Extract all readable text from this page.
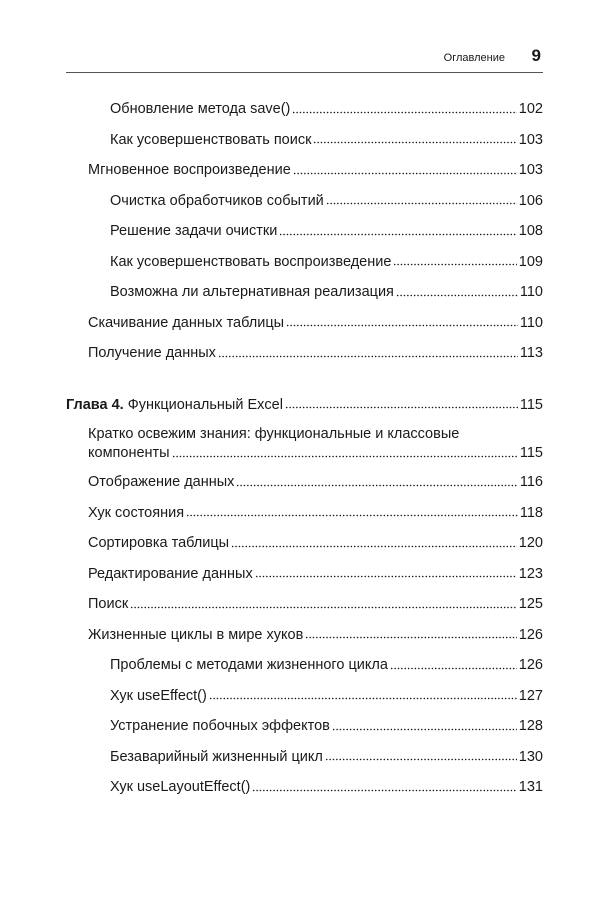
Оглавление 9
Обновление метода save()	102
Как усовершенствовать поиск	103
Мгновенное воспроизведение	103
Очистка обработчиков событий	106
Решение задачи очистки	108
Как усовершенствовать воспроизведение	109
Возможна ли альтернативная реализация	110
Скачивание данных таблицы	110
Получение данных	113
Глава 4. Функциональный Excel	115
Кратко освежим знания: функциональные и классовые
компоненты	115
Отображение данных	116
Хук состояния	118
Сортировка таблицы	120
Редактирование данных	123
Поиск	125
Жизненные циклы в мире хуков	126
Проблемы с методами жизненного цикла	126
Хук useEffect()	127
Устранение побочных эффектов	128
Безаварийный жизненный цикл	130
Хук useLayoutEffect()	131
